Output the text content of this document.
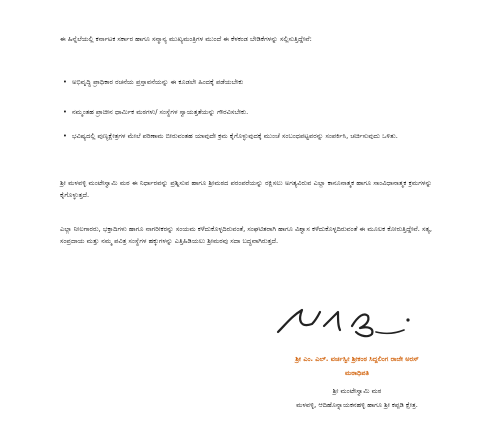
ಈ ಹಿನ್ನೆಲೆಯಲ್ಲಿ ಕರ್ನಾಟಕ ಸರ್ಕಾರ ಹಾಗೂ ಸನ್ಮಾನ್ಯ ಮುಖ್ಯಮಂತ್ರಿಗಳ ಮುಂದೆ ಈ ಕೆಳಕಂಡ ಬೇಡಿಕೆಗಳನ್ನು ಸಲ್ಲಿಸುತ್ತಿದ್ದೇವೆ:
• ಅಭಿವೃದ್ಧಿ ಪ್ರಾಧಿಕಾರ ರಚನೆಯ ಪ್ರಸ್ತಾವನೆಯನ್ನು ಈ ಕೂಡಲೇ ಹಿಂದಕ್ಕೆ ಪಡೆಯಬೇಕು
• ನಮ್ಮಂತಹ ಪ್ರಾಚೀನ ಧಾರ್ಮಿಕ ಮಠಗಳು/ ಸಂಸ್ಥೆಗಳ ಸ್ವಾಯತ್ತತೆಯನ್ನು ಗೌರವಿಸಬೇಕು.
• ಭವಿಷ್ಯದಲ್ಲಿ ಪುಣ್ಯಕ್ಷೇತ್ರಗಳ ಮೇಲೆ ಪರಿಣಾಮ ಬೀರುವಂತಹ ಯಾವುದೇ ಕ್ರಮ ಕೈಗೊಳ್ಳುವುದಕ್ಕೆ ಮುಂಚೆ ಸಂಬಂಧಪಟ್ಟವರನ್ನು ಸಂಪರ್ಕಿಸಿ, ಚರ್ಚಿಸುವುದು ಒಳಿತು.
ಶ್ರೀ ಮಳವಳ್ಳಿ ಮಂಟೇಸ್ವಾಮಿ ಮಠ ಈ ನಿರ್ಧಾರವನ್ನು ಪ್ರಶ್ನಿಸುವ ಹಾಗೂ ಶ್ರೀಮಠದ ಪರಂಪರೆಯನ್ನು ರಕ್ಷಿಸಲು ಅಗತ್ಯವಿರುವ ಎಲ್ಲಾ ಕಾನೂನಾತ್ಮಕ ಹಾಗೂ ಸಾಂವಿಧಾನಾತ್ಮಕ ಕ್ರಮಗಳನ್ನು ಕೈಗೊಳ್ಳುತ್ತದೆ.
ಎಲ್ಲಾ ನೀಲಗಾರರು, ಭಕ್ತಾದಿಗಳು ಹಾಗೂ ನಾಗರೀಕರನ್ನು ಸಂಯಮ ಕಳೆದುಕೊಳ್ಳದಿರುವಂತೆ, ಸಂಘಟಿತರಾಗಿ ಹಾಗೂ ವಿಶ್ವಾಸ ಕಳೆದುಕೊಳ್ಳದಿರುವಂತೆ ಈ ಮೂಲಕ ಕೋರುತ್ತಿದ್ದೇವೆ. ಸತ್ಯ, ಸಂಪ್ರದಾಯ ಮತ್ತು ನಮ್ಮ ಪವಿತ್ರ ಸಂಸ್ಥೆಗಳ ಹಕ್ಕುಗಳನ್ನು ಎತ್ತಿಹಿಡಿಯಲು ಶ್ರೀಮಠವು ಸದಾ ಬದ್ಧವಾಗಿರುತ್ತದೆ.
ಶ್ರೀ ಎಂ. ಎಲ್. ವರ್ಚಸ್ವೀ ಶ್ರೀಕಂಠ ಸಿದ್ದಲಿಂಗ ರಾಜೇ ಅರಸ್
ಮಠಾಧಿಪತಿ
ಶ್ರೀ ಮಂಟೇಸ್ವಾಮಿ ಮಠ
ಮಳವಳ್ಳಿ, ಆದಿಹೊನ್ನಾಯಕನಹಳ್ಳಿ ಹಾಗೂ ಶ್ರೀ ಕಪ್ಪಡಿ ಕ್ಷೇತ್ರ.
